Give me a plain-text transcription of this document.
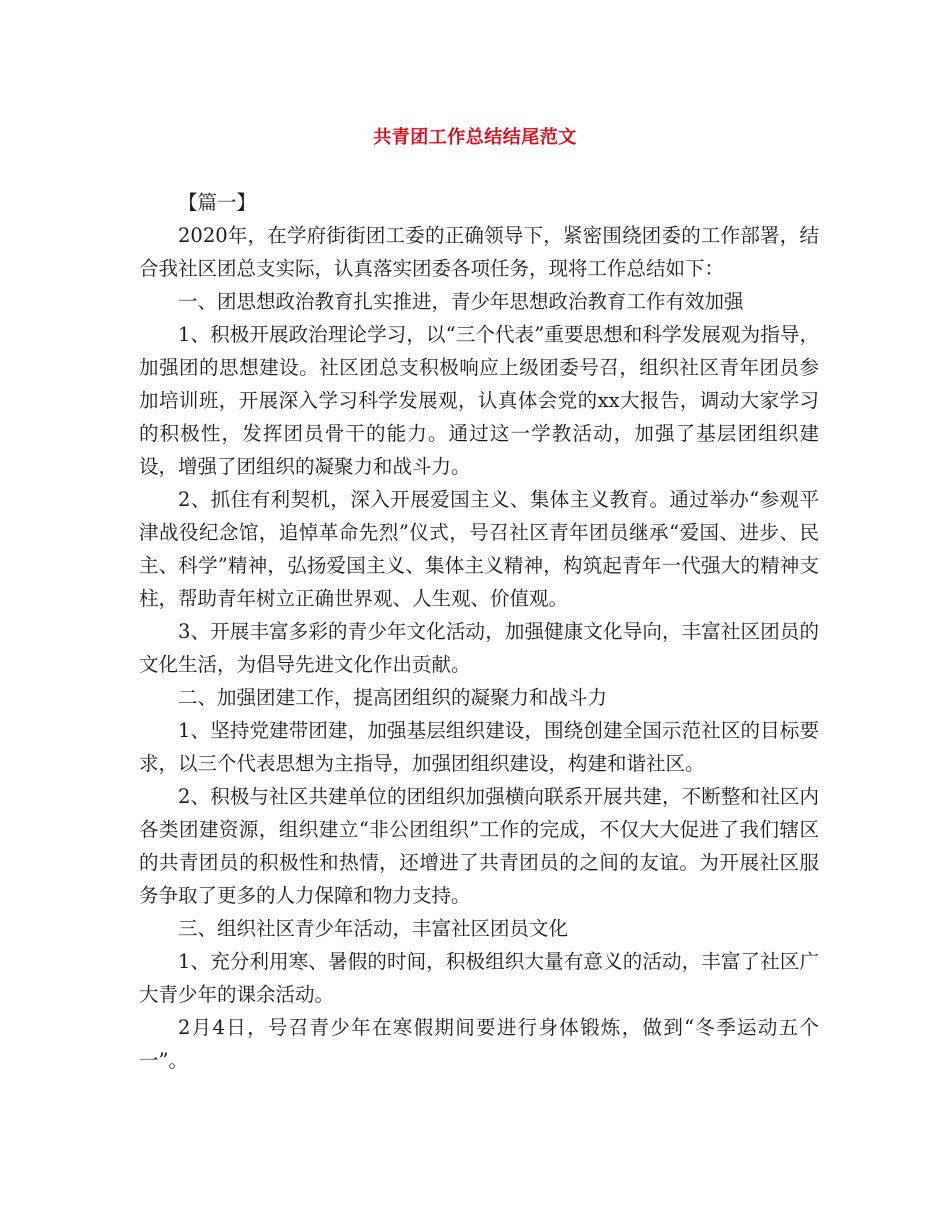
共青团工作总结结尾范文

【篇一】

2020年，在学府街街团工委的正确领导下，紧密围绕团委的工作部署，结合我社区团总支实际，认真落实团委各项任务，现将工作总结如下：

一、团思想政治教育扎实推进，青少年思想政治教育工作有效加强

1、积极开展政治理论学习，以“三个代表”重要思想和科学发展观为指导，加强团的思想建设。社区团总支积极响应上级团委号召，组织社区青年团员参加培训班，开展深入学习科学发展观，认真体会党的xx大报告，调动大家学习的积极性，发挥团员骨干的能力。通过这一学教活动，加强了基层团组织建设，增强了团组织的凝聚力和战斗力。

2、抓住有利契机，深入开展爱国主义、集体主义教育。通过举办“参观平津战役纪念馆，追悼革命先烈”仪式，号召社区青年团员继承“爱国、进步、民主、科学”精神，弘扬爱国主义、集体主义精神，构筑起青年一代强大的精神支柱，帮助青年树立正确世界观、人生观、价值观。

3、开展丰富多彩的青少年文化活动，加强健康文化导向，丰富社区团员的文化生活，为倡导先进文化作出贡献。

二、加强团建工作，提高团组织的凝聚力和战斗力

1、坚持党建带团建，加强基层组织建设，围绕创建全国示范社区的目标要求，以三个代表思想为主指导，加强团组织建设，构建和谐社区。

2、积极与社区共建单位的团组织加强横向联系开展共建，不断整和社区内各类团建资源，组织建立“非公团组织”工作的完成，不仅大大促进了我们辖区的共青团员的积极性和热情，还增进了共青团员的之间的友谊。为开展社区服务争取了更多的人力保障和物力支持。

三、组织社区青少年活动，丰富社区团员文化

1、充分利用寒、暑假的时间，积极组织大量有意义的活动，丰富了社区广大青少年的课余活动。

2月4日，号召青少年在寒假期间要进行身体锻炼，做到“冬季运动五个一”。
